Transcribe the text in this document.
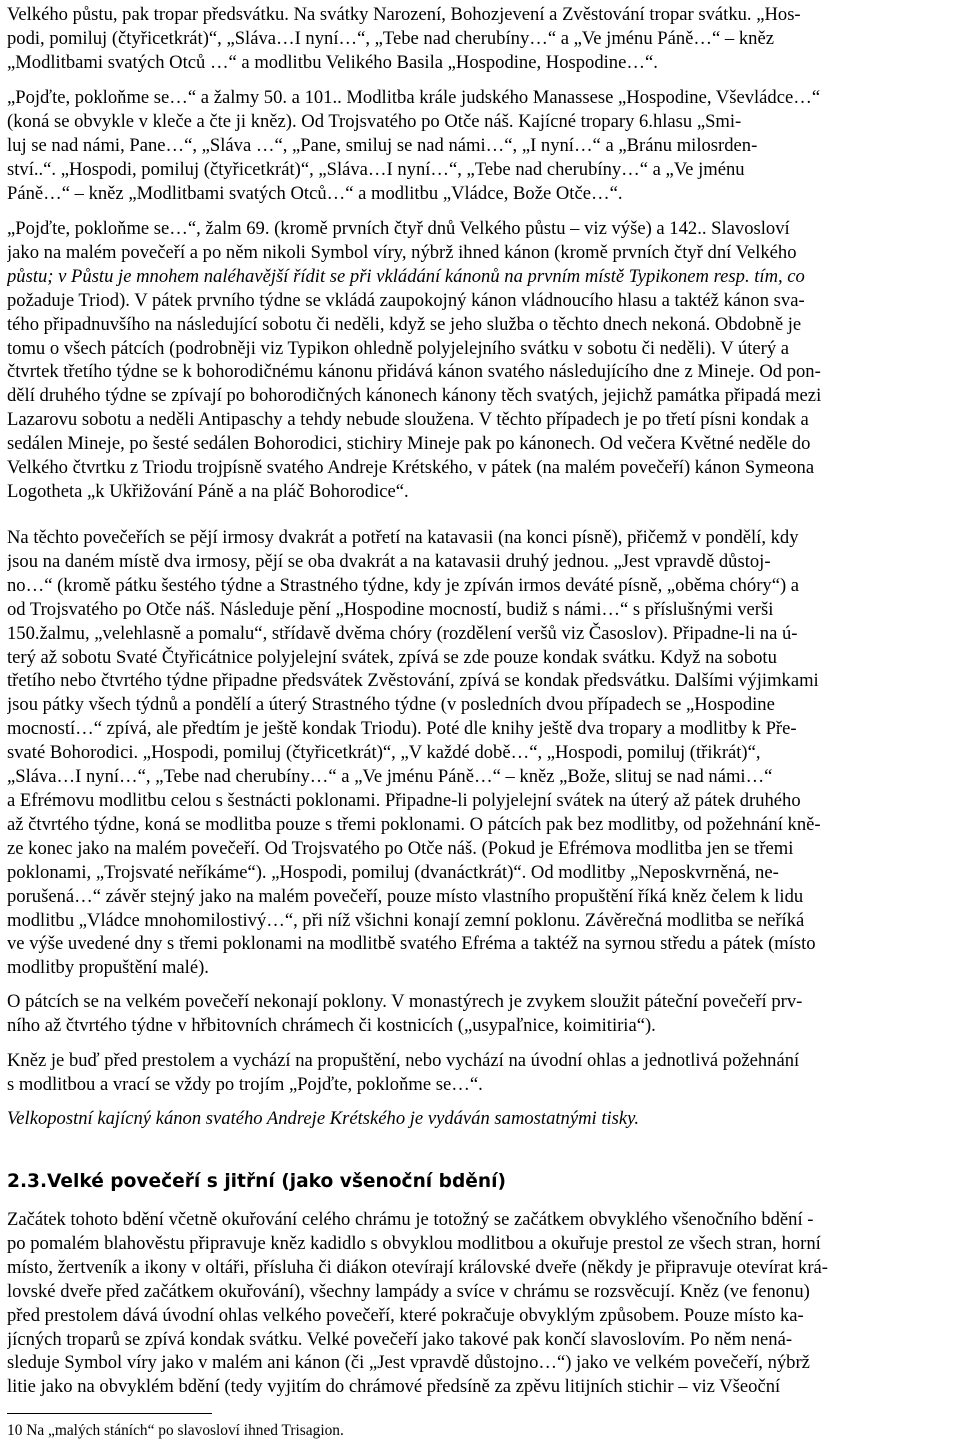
Velkého půstu, pak tropar předsvátku. Na svátky Narození, Bohozjevení a Zvěstování tropar svátku. „Hos-
podi, pomiluj (čtyřicetkrát)“, „Sláva…I nyní…“, „Tebe nad cherubíny…“ a „Ve jménu Páně…“ – kněz
„Modlitbami svatých Otců …“ a modlitbu Velikého Basila „Hospodine, Hospodine…“.
„Pojďte, pokloňme se…“ a žalmy 50. a 101.. Modlitba krále judského Manassese „Hospodine, Vševládce…“
(koná se obvykle v kleče a čte ji kněz). Od Trojsvatého po Otče náš. Kajícné tropary 6.hlasu „Smi-
luj se nad námi, Pane…“, „Sláva …“, „Pane, smiluj se nad námi…“, „I nyní…“ a „Bránu milosrden-
ství..“. „Hospodi, pomiluj (čtyřicetkrát)“, „Sláva…I nyní…“, „Tebe nad cherubíny…“ a „Ve jménu
Páně…“ – kněz „Modlitbami svatých Otců…“ a modlitbu „Vládce, Bože Otče…“.
„Pojďte, pokloňme se…“, žalm 69. (kromě prvních čtyř dnů Velkého půstu – viz výše) a 142.. Slavosloví
jako na malém povečeří a po něm nikoli Symbol víry, nýbrž ihned kánon (kromě prvních čtyř dní Velkého
půstu; v Půstu je mnohem naléhavější řídit se při vkládání kánonů na prvním místě Typikonem resp. tím, co
požaduje Triod). V pátek prvního týdne se vkládá zaupokojný kánon vládnoucího hlasu a taktéž kánon sva-
tého připadnuvšího na následující sobotu či neděli, když se jeho služba o těchto dnech nekoná. Obdobně je
tomu o všech pátcích (podrobněji viz Typikon ohledně polyjelejního svátku v sobotu či neděli). V úterý a
čtvrtek třetího týdne se k bohorodičnému kánonu přidává kánon svatého následujícího dne z Mineje. Od pon-
dělí druhého týdne se zpívají po bohorodičných kánonech kánony těch svatých, jejichž památka připadá mezi
Lazarovu sobotu a neděli Antipaschy a tehdy nebude sloužena. V těchto případech je po třetí písni kondak a
sedálen Mineje, po šesté sedálen Bohorodici, stichiry Mineje pak po kánonech. Od večera Květné neděle do
Velkého čtvrtku z Triodu trojpísně svatého Andreje Krétského, v pátek (na malém povečeří) kánon Symeona
Logotheta „k Ukřižování Páně a na pláč Bohorodice“.
Na těchto povečeřích se pějí irmosy dvakrát a potřetí na katavasii (na konci písně), přičemž v pondělí, kdy
jsou na daném místě dva irmosy, pějí se oba dvakrát a na katavasii druhý jednou. „Jest vpravdě důstoj-
no…“ (kromě pátku šestého týdne a Strastného týdne, kdy je zpíván irmos deváté písně, „oběma chóry“) a
od Trojsvatého po Otče náš. Následuje pění „Hospodine mocností, budiž s námi…“ s příslušnými verši
150.žalmu, „velehlasně a pomalu“, střídavě dvěma chóry (rozdělení veršů viz Časoslov). Připadne-li na ú-
terý až sobotu Svaté Čtyřicátnice polyjelejní svátek, zpívá se zde pouze kondak svátku. Když na sobotu
třetího nebo čtvrtého týdne připadne předsvátek Zvěstování, zpívá se kondak předsvátku. Dalšími výjimkami
jsou pátky všech týdnů a pondělí a úterý Strastného týdne (v posledních dvou případech se „Hospodine
mocností…“ zpívá, ale předtím je ještě kondak Triodu). Poté dle knihy ještě dva tropary a modlitby k Pře-
svaté Bohorodici. „Hospodi, pomiluj (čtyřicetkrát)“, „V každé době…“, „Hospodi, pomiluj (třikrát)“,
„Sláva…I nyní…“, „Tebe nad cherubíny…“ a „Ve jménu Páně…“ – kněz „Bože, slituj se nad námi…“
a Efrémovu modlitbu celou s šestnácti poklonami. Připadne-li polyjelejní svátek na úterý až pátek druhého
až čtvrtého týdne, koná se modlitba pouze s třemi poklonami. O pátcích pak bez modlitby, od požehnání kně-
ze konec jako na malém povečeří. Od Trojsvatého po Otče náš. (Pokud je Efrémova modlitba jen se třemi
poklonami, „Trojsvaté neříkáme“). „Hospodi, pomiluj (dvanáctkrát)“. Od modlitby „Neposkvrněná, ne-
porušená…“ závěr stejný jako na malém povečeří, pouze místo vlastního propuštění říká kněz čelem k lidu
modlitbu „Vládce mnohomilostivý…“, při níž všichni konají zemní poklonu. Závěrečná modlitba se neříká
ve výše uvedené dny s třemi poklonami na modlitbě svatého Efréma a taktéž na syrnou středu a pátek (místo
modlitby propuštění malé).
O pátcích se na velkém povečeří nekonají poklony. V monastýrech je zvykem sloužit páteční povečeří prv-
ního až čtvrtého týdne v hřbitovních chrámech či kostnicích („usypaľnice, koimitiria“).
Kněz je buď před prestolem a vychází na propuštění, nebo vychází na úvodní ohlas a jednotlivá požehnání
s modlitbou a vrací se vždy po trojím „Pojďte, pokloňme se…“.
Velkopostní kajícný kánon svatého Andreje Krétského je vydáván samostatnými tisky.
2.3.Velké povečeří s jitřní (jako všenoční bdění)
Začátek tohoto bdění včetně okuřování celého chrámu je totožný se začátkem obvyklého všenočního bdění -
po pomalém blahověstu připravuje kněz kadidlo s obvyklou modlitbou a okuřuje prestol ze všech stran, horní
místo, žertveník a ikony v oltáři, přísluha či diákon otevírají královské dveře (někdy je připravuje otevírat krá-
lovské dveře před začátkem okuřování), všechny lampády a svíce v chrámu se rozsvěcují. Kněz (ve fenonu)
před prestolem dává úvodní ohlas velkého povečeří, které pokračuje obvyklým způsobem. Pouze místo ka-
jícných troparů se zpívá kondak svátku. Velké povečeří jako takové pak končí slavoslovím. Po něm nená-
sleduje Symbol víry jako v malém ani kánon (či „Jest vpravdě důstojno…“) jako ve velkém povečeří, nýbrž
litie jako na obvyklém bdění (tedy vyjitím do chrámové předsíně za zpěvu litijních stichir – viz Všeoční
10 Na „malých stáních“ po slavosloví ihned Trisagion.
